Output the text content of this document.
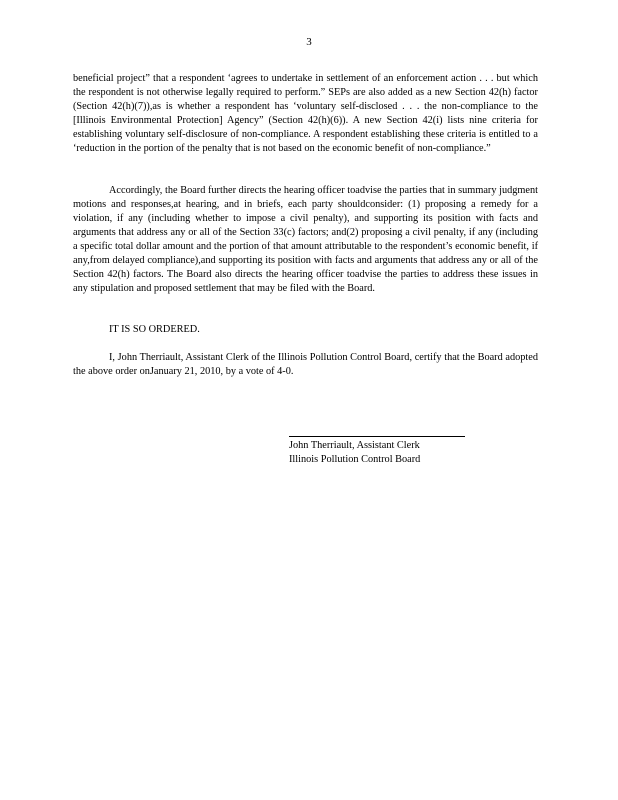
3
beneficial project” that a respondent ‘agrees to undertake in settlement of an enforcement action . . . but which the respondent is not otherwise legally required to perform.” SEPs are also added as a new Section 42(h) factor (Section 42(h)(7)),as is whether a respondent has ‘voluntary self-disclosed . . . the non-compliance to the [Illinois Environmental Protection] Agency” (Section 42(h)(6)). A new Section 42(i) lists nine criteria for establishing voluntary self-disclosure of non-compliance. A respondent establishing these criteria is entitled to a ‘reduction in the portion of the penalty that is not based on the economic benefit of non-compliance.”
Accordingly, the Board further directs the hearing officer toadvise the parties that in summary judgment motions and responses,at hearing, and in briefs, each party shouldconsider: (1) proposing a remedy for a violation, if any (including whether to impose a civil penalty), and supporting its position with facts and arguments that address any or all of the Section 33(c) factors; and(2) proposing a civil penalty, if any (including a specific total dollar amount and the portion of that amount attributable to the respondent’s economic benefit, if any,from delayed compliance),and supporting its position with facts and arguments that address any or all of the Section 42(h) factors. The Board also directs the hearing officer toadvise the parties to address these issues in any stipulation and proposed settlement that may be filed with the Board.
IT IS SO ORDERED.
I, John Therriault, Assistant Clerk of the Illinois Pollution Control Board, certify that the Board adopted the above order onJanuary 21, 2010, by a vote of 4-0.
John Therriault, Assistant Clerk
Illinois Pollution Control Board
